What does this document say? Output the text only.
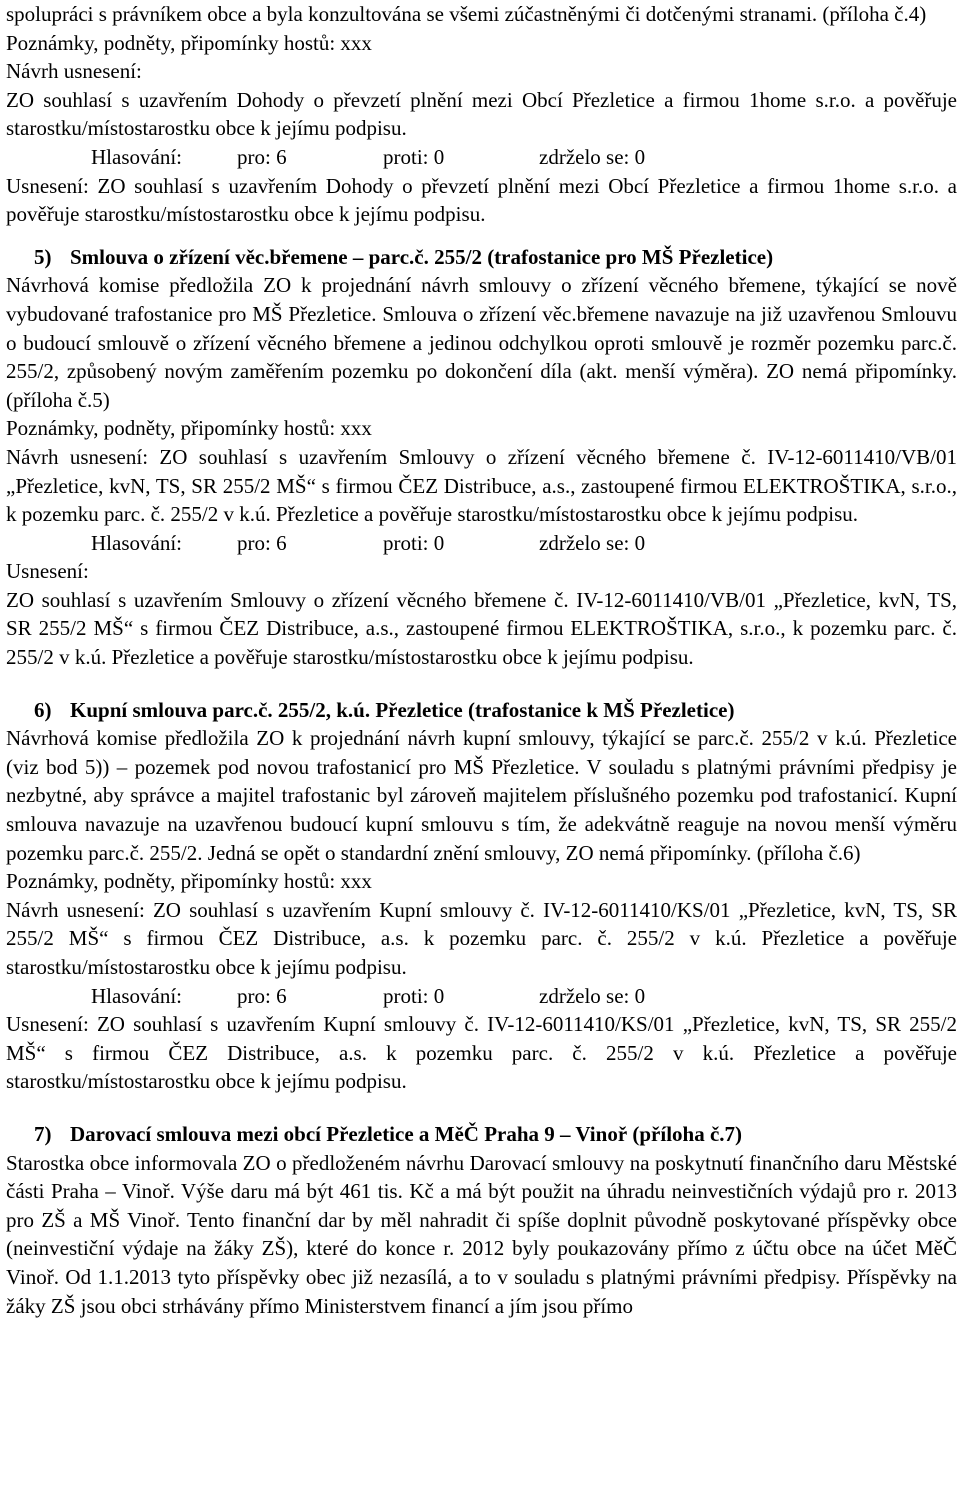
spolupráci s právníkem obce a byla konzultována se všemi zúčastněnými či dotčenými stranami. (příloha č.4)

Poznámky, podněty, připomínky hostů: xxx

Návrh usnesení:

ZO souhlasí s uzavřením Dohody o převzetí plnění mezi Obcí Přezletice a firmou 1home s.r.o. a pověřuje starostku/místostarostku obce k jejímu podpisu.

Hlasování:	pro: 6	proti: 0	zdrželo se: 0

Usnesení: ZO souhlasí s uzavřením Dohody o převzetí plnění mezi Obcí Přezletice a firmou 1home s.r.o. a pověřuje starostku/místostarostku obce k jejímu podpisu.

5) Smlouva o zřízení věc.břemene – parc.č. 255/2 (trafostanice pro MŠ Přezletice)

Návrhová komise předložila ZO k projednání návrh smlouvy o zřízení věcného břemene, týkající se nově vybudované trafostanice pro MŠ Přezletice. Smlouva o zřízení věc.břemene navazuje na již uzavřenou Smlouvu o budoucí smlouvě o zřízení věcného břemene a jedinou odchylkou oproti smlouvě je rozměr pozemku parc.č. 255/2, způsobený novým zaměřením pozemku po dokončení díla (akt. menší výměra). ZO nemá připomínky. (příloha č.5)

Poznámky, podněty, připomínky hostů: xxx

Návrh usnesení: ZO souhlasí s uzavřením Smlouvy o zřízení věcného břemene č. IV-12-6011410/VB/01 „Přezletice, kvN, TS, SR 255/2 MŠ“ s firmou ČEZ Distribuce, a.s., zastoupené firmou ELEKTROŠTIKA, s.r.o., k pozemku parc. č. 255/2 v k.ú. Přezletice a pověřuje starostku/místostarostku obce k jejímu podpisu.

Hlasování:	pro: 6	proti: 0	zdrželo se: 0

Usnesení:

ZO souhlasí s uzavřením Smlouvy o zřízení věcného břemene č. IV-12-6011410/VB/01 „Přezletice, kvN, TS, SR 255/2 MŠ“ s firmou ČEZ Distribuce, a.s., zastoupené firmou ELEKTROŠTIKA, s.r.o., k pozemku parc. č. 255/2 v k.ú. Přezletice a pověřuje starostku/místostarostku obce k jejímu podpisu.

6) Kupní smlouva parc.č. 255/2, k.ú. Přezletice (trafostanice k MŠ Přezletice)

Návrhová komise předložila ZO k projednání návrh kupní smlouvy, týkající se parc.č. 255/2 v k.ú. Přezletice (viz bod 5)) – pozemek pod novou trafostanicí pro MŠ Přezletice. V souladu s platnými právními předpisy je nezbytné, aby správce a majitel trafostanic byl zároveň majitelem příslušného pozemku pod trafostanicí. Kupní smlouva navazuje na uzavřenou budoucí kupní smlouvu s tím, že adekvátně reaguje na novou menší výměru pozemku parc.č. 255/2. Jedná se opět o standardní znění smlouvy, ZO nemá připomínky. (příloha č.6)

Poznámky, podněty, připomínky hostů: xxx

Návrh usnesení: ZO souhlasí s uzavřením Kupní smlouvy č. IV-12-6011410/KS/01 „Přezletice, kvN, TS, SR 255/2 MŠ“ s firmou ČEZ Distribuce, a.s. k pozemku parc. č. 255/2 v k.ú. Přezletice a pověřuje starostku/místostarostku obce k jejímu podpisu.

Hlasování:	pro: 6	proti: 0	zdrželo se: 0

Usnesení: ZO souhlasí s uzavřením Kupní smlouvy č. IV-12-6011410/KS/01 „Přezletice, kvN, TS, SR 255/2 MŠ“ s firmou ČEZ Distribuce, a.s. k pozemku parc. č. 255/2 v k.ú. Přezletice a pověřuje starostku/místostarostku obce k jejímu podpisu.

7) Darovací smlouva mezi obcí Přezletice a MěČ Praha 9 – Vinoř (příloha č.7)

Starostka obce informovala ZO o předloženém návrhu Darovací smlouvy na poskytnutí finančního daru Městské části Praha – Vinoř. Výše daru má být 461 tis. Kč a má být použit na úhradu neinvestičních výdajů pro r. 2013 pro ZŠ a MŠ Vinoř. Tento finanční dar by měl nahradit či spíše doplnit původně poskytované příspěvky obce (neinvestiční výdaje na žáky ZŠ), které do konce r. 2012 byly poukazovány přímo z účtu obce na účet MěČ Vinoř. Od 1.1.2013 tyto příspěvky obec již nezasílá, a to v souladu s platnými právními předpisy. Příspěvky na žáky ZŠ jsou obci strhávány přímo Ministerstvem financí a jím jsou přímo
